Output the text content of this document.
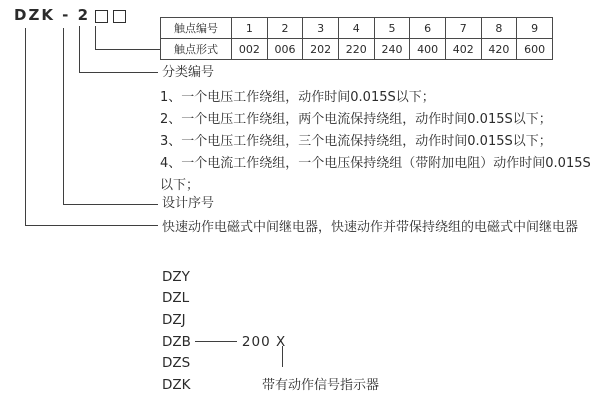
DZK - 2
触点编号	1	2	3	4	5	6	7	8	9
触点形式	002	006	202	220	240	400	402	420	600
分类编号
1、一个电压工作绕组，动作时间0.015S以下；
2、一个电压工作绕组，两个电流保持绕组，动作时间0.015S以下；
3、一个电压工作绕组，三个电流保持绕组，动作时间0.015S以下；
4、一个电流工作绕组，一个电压保持绕组（带附加电阻）动作时间0.015S
以下；
设计序号
快速动作电磁式中间继电器，快速动作并带保持绕组的电磁式中间继电器
DZY
DZL
DZJ
DZB	200 X
DZS
DZK	带有动作信号指示器
